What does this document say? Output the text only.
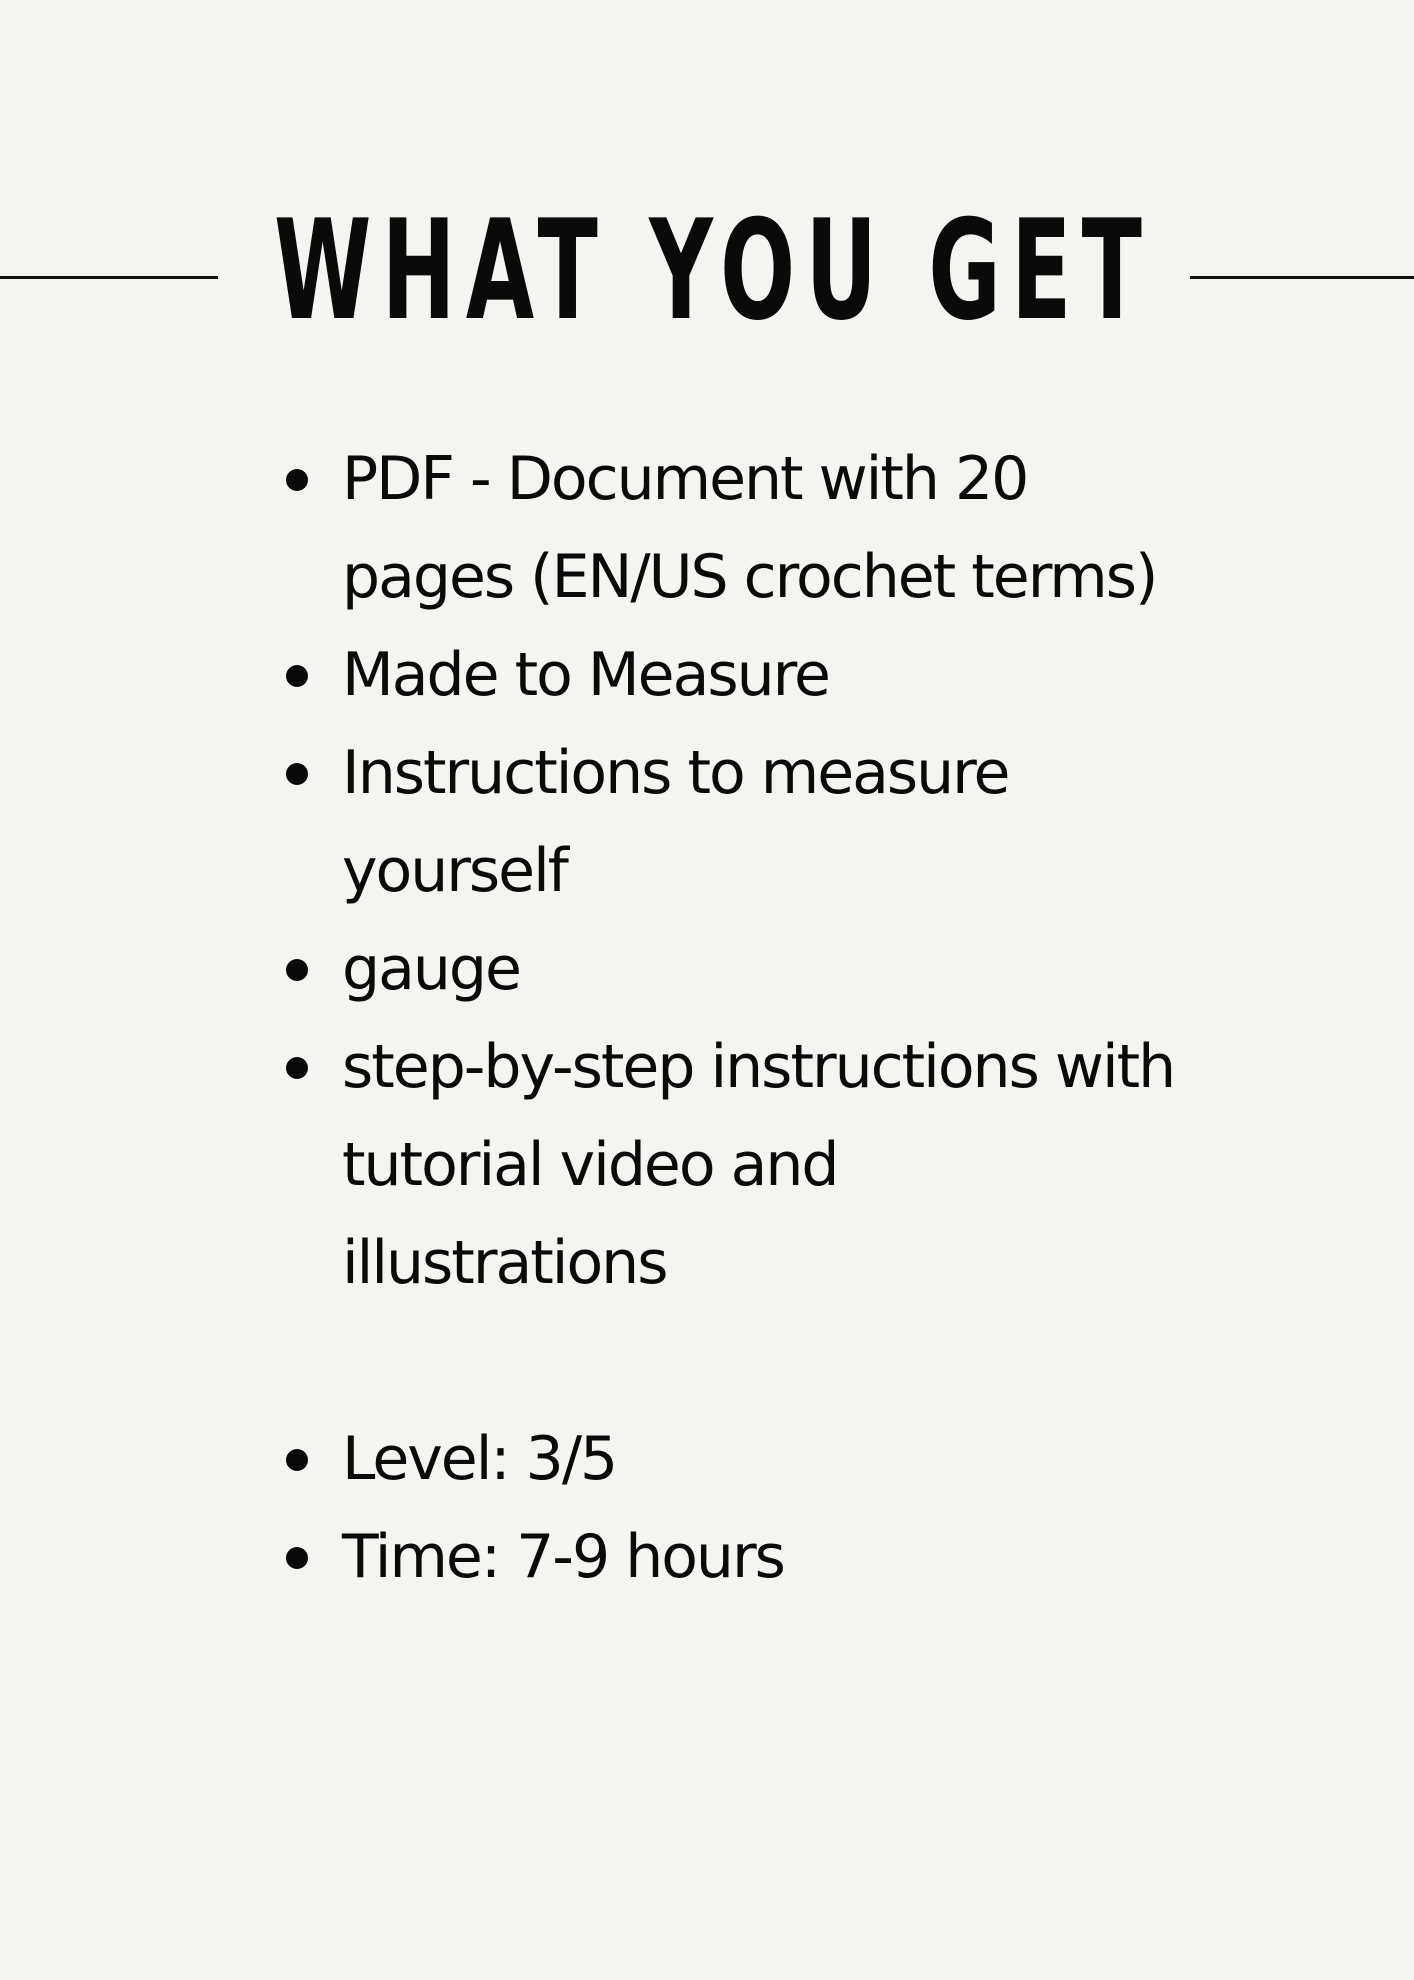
WHAT YOU GET
PDF - Document with 20 pages (EN/US crochet terms)
Made to Measure
Instructions to measure yourself
gauge
step-by-step instructions with tutorial video and illustrations
Level: 3/5
Time: 7-9 hours
